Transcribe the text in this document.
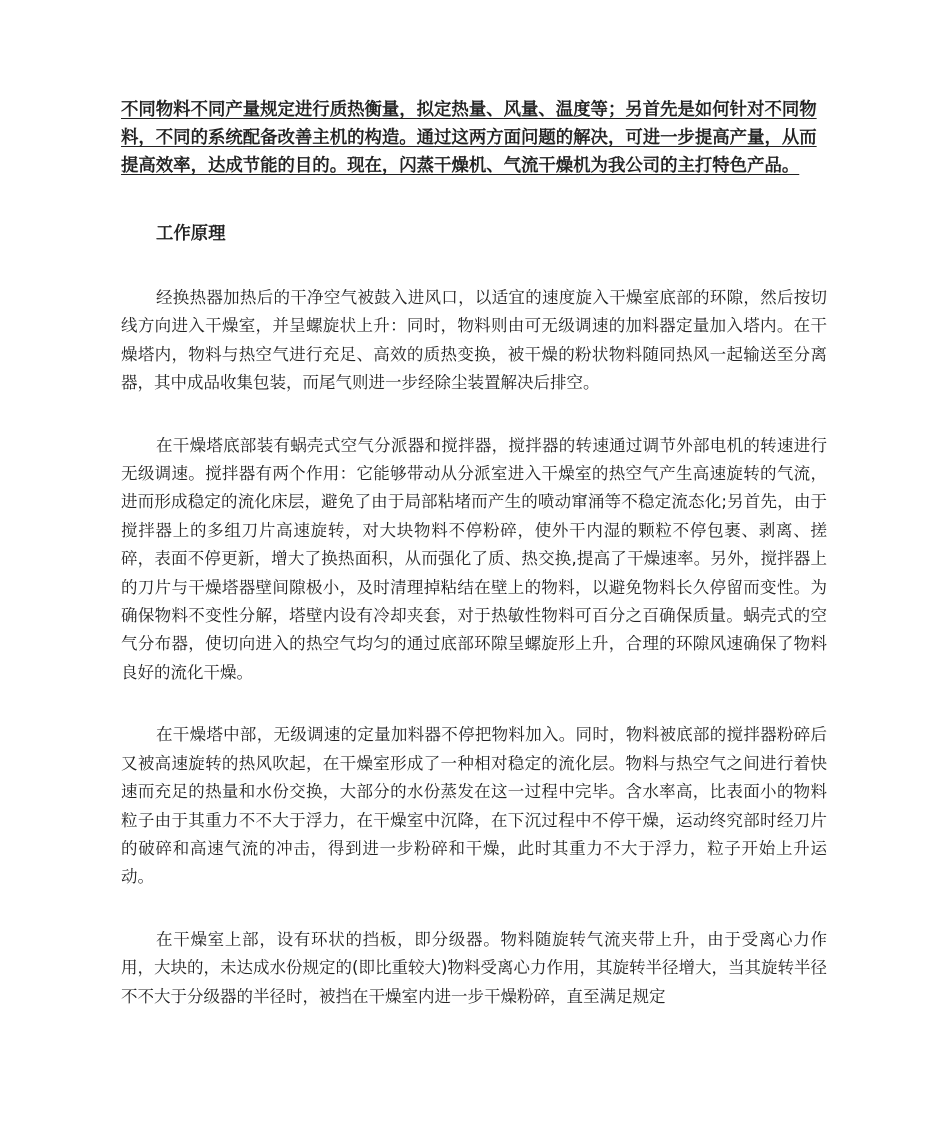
不同物料不同产量规定进行质热衡量，拟定热量、风量、温度等；另首先是如何针对不同物料，不同的系统配备改善主机的构造。通过这两方面问题的解决，可进一步提高产量，从而提高效率，达成节能的目的。现在，闪蒸干燥机、气流干燥机为我公司的主打特色产品。

工作原理

经换热器加热后的干净空气被鼓入进风口，以适宜的速度旋入干燥室底部的环隙，然后按切线方向进入干燥室，并呈螺旋状上升：同时，物料则由可无级调速的加料器定量加入塔内。在干燥塔内，物料与热空气进行充足、高效的质热变换，被干燥的粉状物料随同热风一起输送至分离器，其中成品收集包装，而尾气则进一步经除尘装置解决后排空。

在干燥塔底部装有蜗壳式空气分派器和搅拌器，搅拌器的转速通过调节外部电机的转速进行无级调速。搅拌器有两个作用：它能够带动从分派室进入干燥室的热空气产生高速旋转的气流，进而形成稳定的流化床层，避免了由于局部粘堵而产生的喷动窜涌等不稳定流态化;另首先，由于搅拌器上的多组刀片高速旋转，对大块物料不停粉碎，使外干内湿的颗粒不停包裹、剥离、搓碎，表面不停更新，增大了换热面积，从而强化了质、热交换,提高了干燥速率。另外，搅拌器上的刀片与干燥塔器壁间隙极小，及时清理掉粘结在壁上的物料，以避免物料长久停留而变性。为确保物料不变性分解，塔壁内设有冷却夹套，对于热敏性物料可百分之百确保质量。蜗壳式的空气分布器，使切向进入的热空气均匀的通过底部环隙呈螺旋形上升，合理的环隙风速确保了物料良好的流化干燥。

在干燥塔中部，无级调速的定量加料器不停把物料加入。同时，物料被底部的搅拌器粉碎后又被高速旋转的热风吹起，在干燥室形成了一种相对稳定的流化层。物料与热空气之间进行着快速而充足的热量和水份交换，大部分的水份蒸发在这一过程中完毕。含水率高，比表面小的物料粒子由于其重力不不大于浮力，在干燥室中沉降，在下沉过程中不停干燥，运动终究部时经刀片的破碎和高速气流的冲击，得到进一步粉碎和干燥，此时其重力不大于浮力，粒子开始上升运动。

在干燥室上部，设有环状的挡板，即分级器。物料随旋转气流夹带上升，由于受离心力作用，大块的，未达成水份规定的(即比重较大)物料受离心力作用，其旋转半径增大，当其旋转半径不不大于分级器的半径时，被挡在干燥室内进一步干燥粉碎，直至满足规定
